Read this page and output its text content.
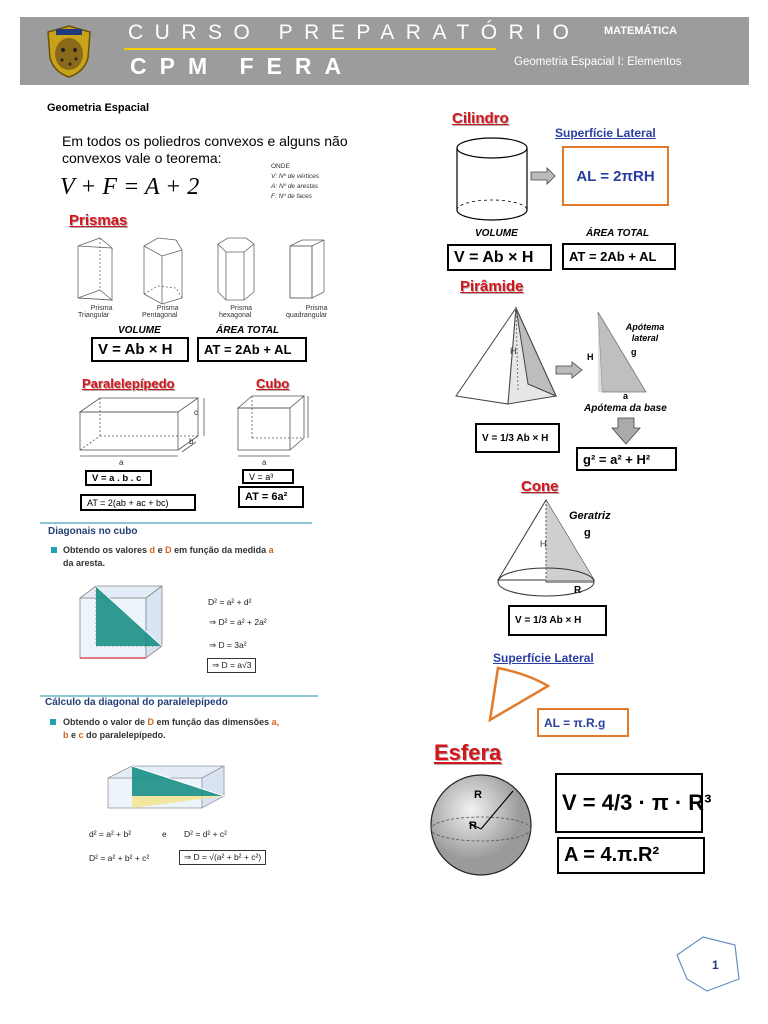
CURSO PREPARATÓRIO
CPM FERA
MATEMÁTICA
Geometria Espacial I: Elementos
Geometria Espacial
Em todos os poliedros convexos e alguns não
convexos vale o teorema:
V + F = A + 2
ONDE
V: Nº de vértices
A: Nº de arestas
F: Nº de faces
Prismas
Prisma
Triangular
Prisma
Pentagonal
Prisma
hexagonal
Prisma
quadrangular
VOLUME	ÁREA TOTAL
V = Ab × H	AT = 2Ab + AL
Paralelepípedo	Cubo
a
b
c
V = a . b . c
AT = 2(ab + ac + bc)
a
V = a³
AT = 6a²
Diagonais no cubo
Obtendo os valores d e D em função da medida a
da aresta.
D² = a² + d²
⇒ D² = a² + 2a²
⇒ D = 3a²
⇒ D = a√3
Cálculo da diagonal do paralelepípedo
Obtendo o valor de D em função das dimensões a,
b e c do paralelepípedo.
d² = a² + b²	e D² = d² + c²
D² = a² + b² + c²	⇒ D = √(a² + b² + c²)
Cilindro
Superfície Lateral
AL = 2πRH
VOLUME	ÁREA TOTAL
V = Ab × H	AT = 2Ab + AL
Pirâmide
H
Apótema lateral
g
H
a
Apótema da base
V = 1/3 Ab × H
g² = a² + H²
Cone
Geratriz
g
H
R
V = 1/3 Ab × H
Superfície Lateral
AL = π.R.g
Esfera
R
R
V = 4/3 · π · R³
A = 4.π.R²
1
